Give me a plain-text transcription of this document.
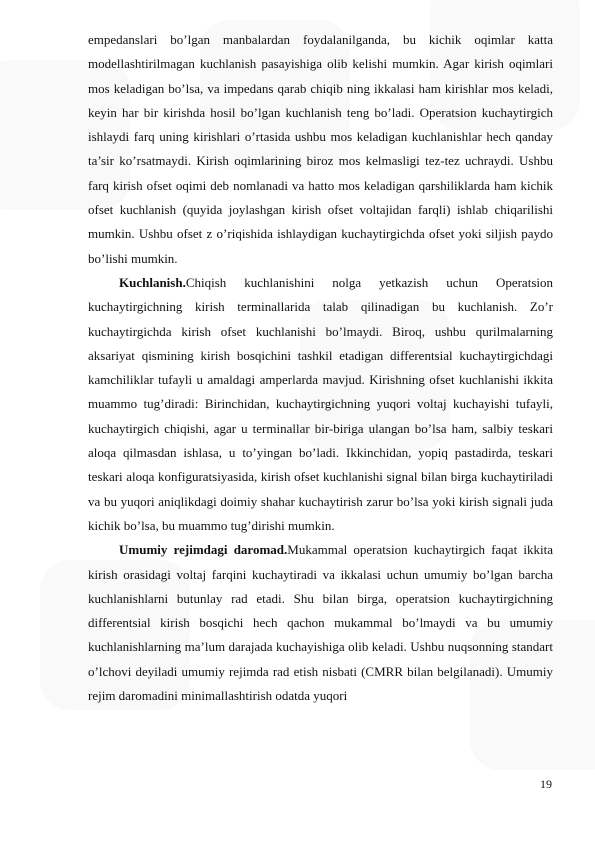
empedanslari bo’lgan manbalardan foydalanilganda, bu kichik oqimlar katta modellashtirilmagan kuchlanish pasayishiga olib kelishi mumkin. Agar kirish oqimlari mos keladigan bo’lsa, va impedans qarab chiqib ning ikkalasi ham kirishlar mos keladi, keyin har bir kirishda hosil bo’lgan kuchlanish teng bo’ladi. Operatsion kuchaytirgich ishlaydi farq uning kirishlari o’rtasida ushbu mos keladigan kuchlanishlar hech qanday ta’sir ko’rsatmaydi. Kirish oqimlarining biroz mos kelmasligi tez-tez uchraydi. Ushbu farq kirish ofset oqimi deb nomlanadi va hatto mos keladigan qarshiliklarda ham kichik ofset kuchlanish (quyida joylashgan kirish ofset voltajidan farqli) ishlab chiqarilishi mumkin. Ushbu ofset z o’riqishida ishlaydigan kuchaytirgichda ofset yoki siljish paydo bo’lishi mumkin.

Kuchlanish.Chiqish kuchlanishini nolga yetkazish uchun Operatsion kuchaytirgichning kirish terminallarida talab qilinadigan bu kuchlanish. Zo’r kuchaytirgichda kirish ofset kuchlanishi bo’lmaydi. Biroq, ushbu qurilmalarning aksariyat qismining kirish bosqichini tashkil etadigan differentsial kuchaytirgichdagi kamchiliklar tufayli u amaldagi amperlarda mavjud. Kirishning ofset kuchlanishi ikkita muammo tug’diradi: Birinchidan, kuchaytirgichning yuqori voltaj kuchayishi tufayli, kuchaytirgich chiqishi, agar u terminallar bir-biriga ulangan bo’lsa ham, salbiy teskari aloqa qilmasdan ishlasa, u to’yingan bo’ladi. Ikkinchidan, yopiq pastadirda, teskari teskari aloqa konfiguratsiyasida, kirish ofset kuchlanishi signal bilan birga kuchaytiriladi va bu yuqori aniqlikdagi doimiy shahar kuchaytirish zarur bo’lsa yoki kirish signali juda kichik bo’lsa, bu muammo tug’dirishi mumkin.

Umumiy rejimdagi daromad.Mukammal operatsion kuchaytirgich faqat ikkita kirish orasidagi voltaj farqini kuchaytiradi va ikkalasi uchun umumiy bo’lgan barcha kuchlanishlarni butunlay rad etadi. Shu bilan birga, operatsion kuchaytirgichning differentsial kirish bosqichi hech qachon mukammal bo’lmaydi va bu umumiy kuchlanishlarning ma’lum darajada kuchayishiga olib keladi. Ushbu nuqsonning standart o’lchovi deyiladi umumiy rejimda rad etish nisbati (CMRR bilan belgilanadi). Umumiy rejim daromadini minimallashtirish odatda yuqori

19
